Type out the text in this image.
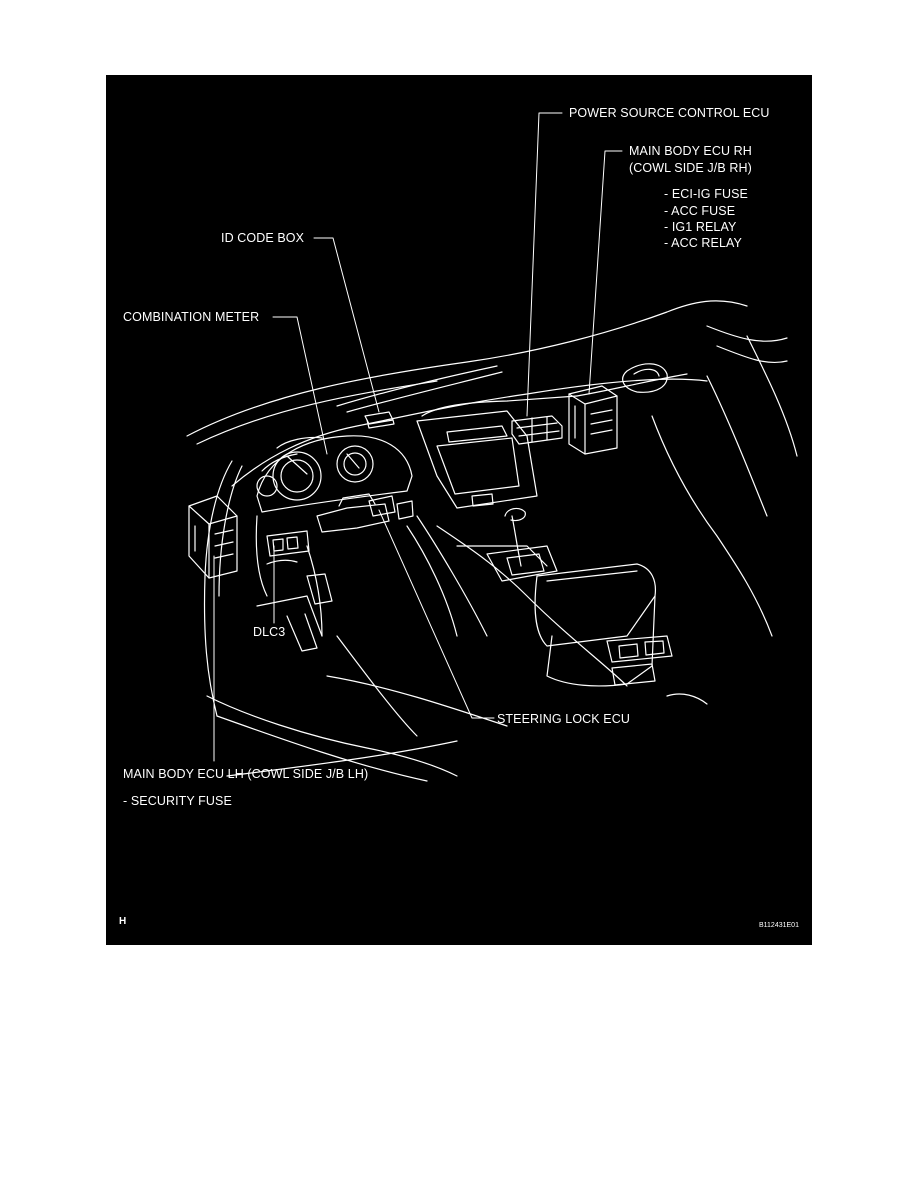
POWER SOURCE CONTROL ECU
MAIN BODY ECU RH
(COWL SIDE J/B RH)
- ECI-IG FUSE
- ACC FUSE
- IG1 RELAY
- ACC RELAY
ID CODE BOX
COMBINATION METER
DLC3
STEERING LOCK ECU
MAIN BODY ECU LH (COWL SIDE J/B LH)
- SECURITY FUSE
H	B112431E01
